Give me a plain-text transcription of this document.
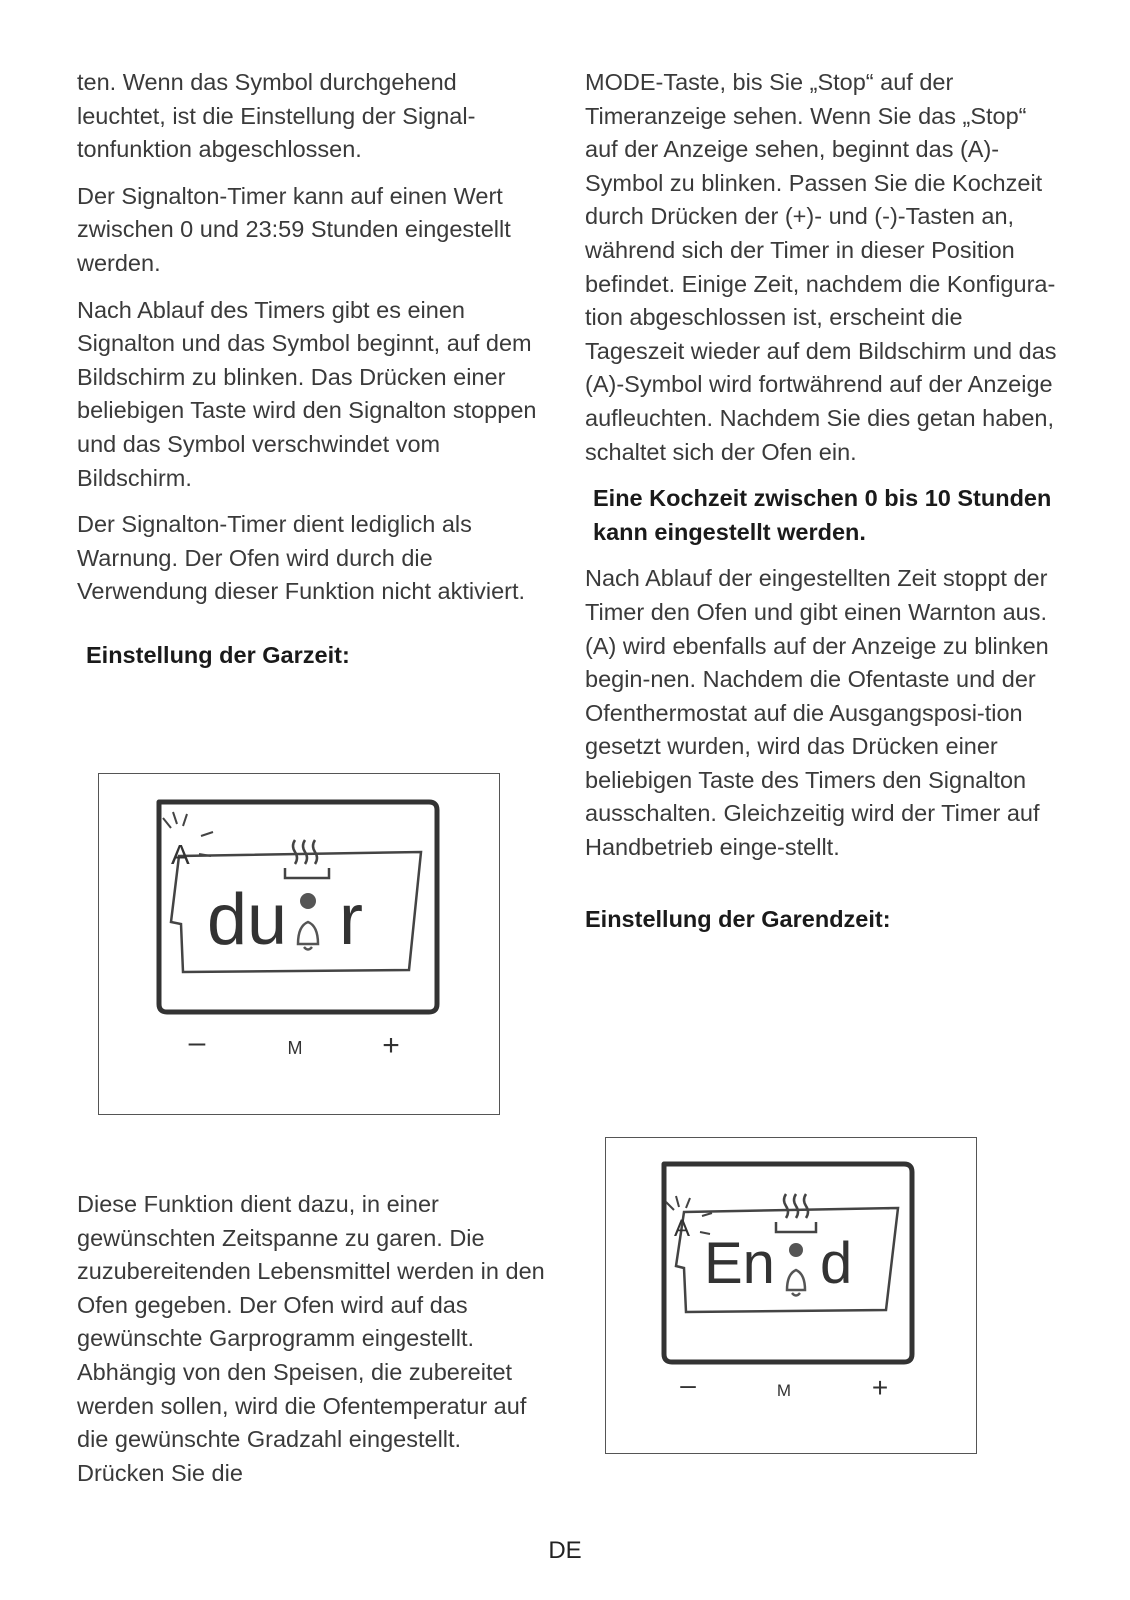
ten. Wenn das Symbol durchgehend leuchtet, ist die Einstellung der Signal-tonfunktion abgeschlossen.

Der Signalton-Timer kann auf einen Wert zwischen 0 und 23:59 Stunden eingestellt werden.

Nach Ablauf des Timers gibt es einen Signalton und das Symbol beginnt, auf dem Bildschirm zu blinken. Das Drücken einer beliebigen Taste wird den Signalton stoppen und das Symbol verschwindet vom Bildschirm.

Der Signalton-Timer dient lediglich als Warnung. Der Ofen wird durch die Verwendung dieser Funktion nicht aktiviert.

Einstellung der Garzeit:

Diese Funktion dient dazu, in einer gewünschten Zeitspanne zu garen. Die zuzubereitenden Lebensmittel werden in den Ofen gegeben. Der Ofen wird auf das gewünschte Garprogramm eingestellt. Abhängig von den Speisen, die zubereitet werden sollen, wird die Ofentemperatur auf die gewünschte Gradzahl eingestellt. Drücken Sie die

MODE-Taste, bis Sie „Stop“ auf der Timeranzeige sehen. Wenn Sie das „Stop“ auf der Anzeige sehen, beginnt das (A)-Symbol zu blinken. Passen Sie die Kochzeit durch Drücken der (+)- und (-)-Tasten an, während sich der Timer in dieser Position befindet. Einige Zeit, nachdem die Konfigura-tion abgeschlossen ist, erscheint die Tageszeit wieder auf dem Bildschirm und das (A)-Symbol wird fortwährend auf der Anzeige aufleuchten. Nachdem Sie dies getan haben, schaltet sich der Ofen ein.

Eine Kochzeit zwischen 0 bis 10 Stunden kann eingestellt werden.

Nach Ablauf der eingestellten Zeit stoppt der Timer den Ofen und gibt einen Warnton aus. (A) wird ebenfalls auf der Anzeige zu blinken begin-nen. Nachdem die Ofentaste und der Ofenthermostat auf die Ausgangsposi-tion gesetzt wurden, wird das Drücken einer beliebigen Taste des Timers den Signalton ausschalten. Gleichzeitig wird der Timer auf Handbetrieb einge-stellt.

Einstellung der Garendzeit:
A
du r
–	M	+
A
En d
–	M	+
DE
